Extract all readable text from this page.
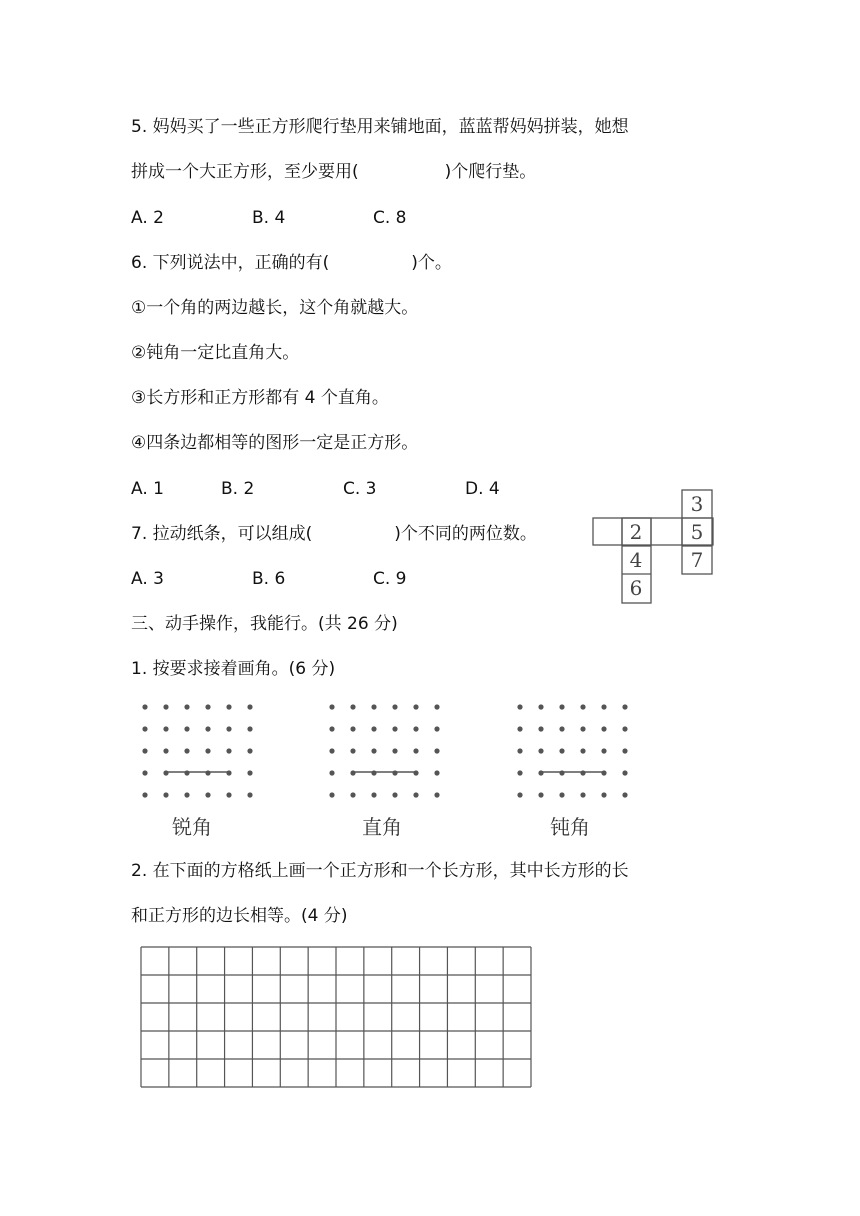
5. 妈妈买了一些正方形爬行垫用来铺地面，蓝蓝帮妈妈拼装，她想
拼成一个大正方形，至少要用(	)个爬行垫。
A. 2	B. 4	C. 8
6. 下列说法中，正确的有(	)个。
①一个角的两边越长，这个角就越大。
②钝角一定比直角大。
③长方形和正方形都有 4 个直角。
④四条边都相等的图形一定是正方形。
A. 1	B. 2	C. 3	D. 4
7. 拉动纸条，可以组成(	)个不同的两位数。
A. 3	B. 6	C. 9
3
2 5
4 7
6
三、动手操作，我能行。(共 26 分)
1. 按要求接着画角。(6 分)
锐角	直角	钝角
2. 在下面的方格纸上画一个正方形和一个长方形，其中长方形的长
和正方形的边长相等。(4 分)
